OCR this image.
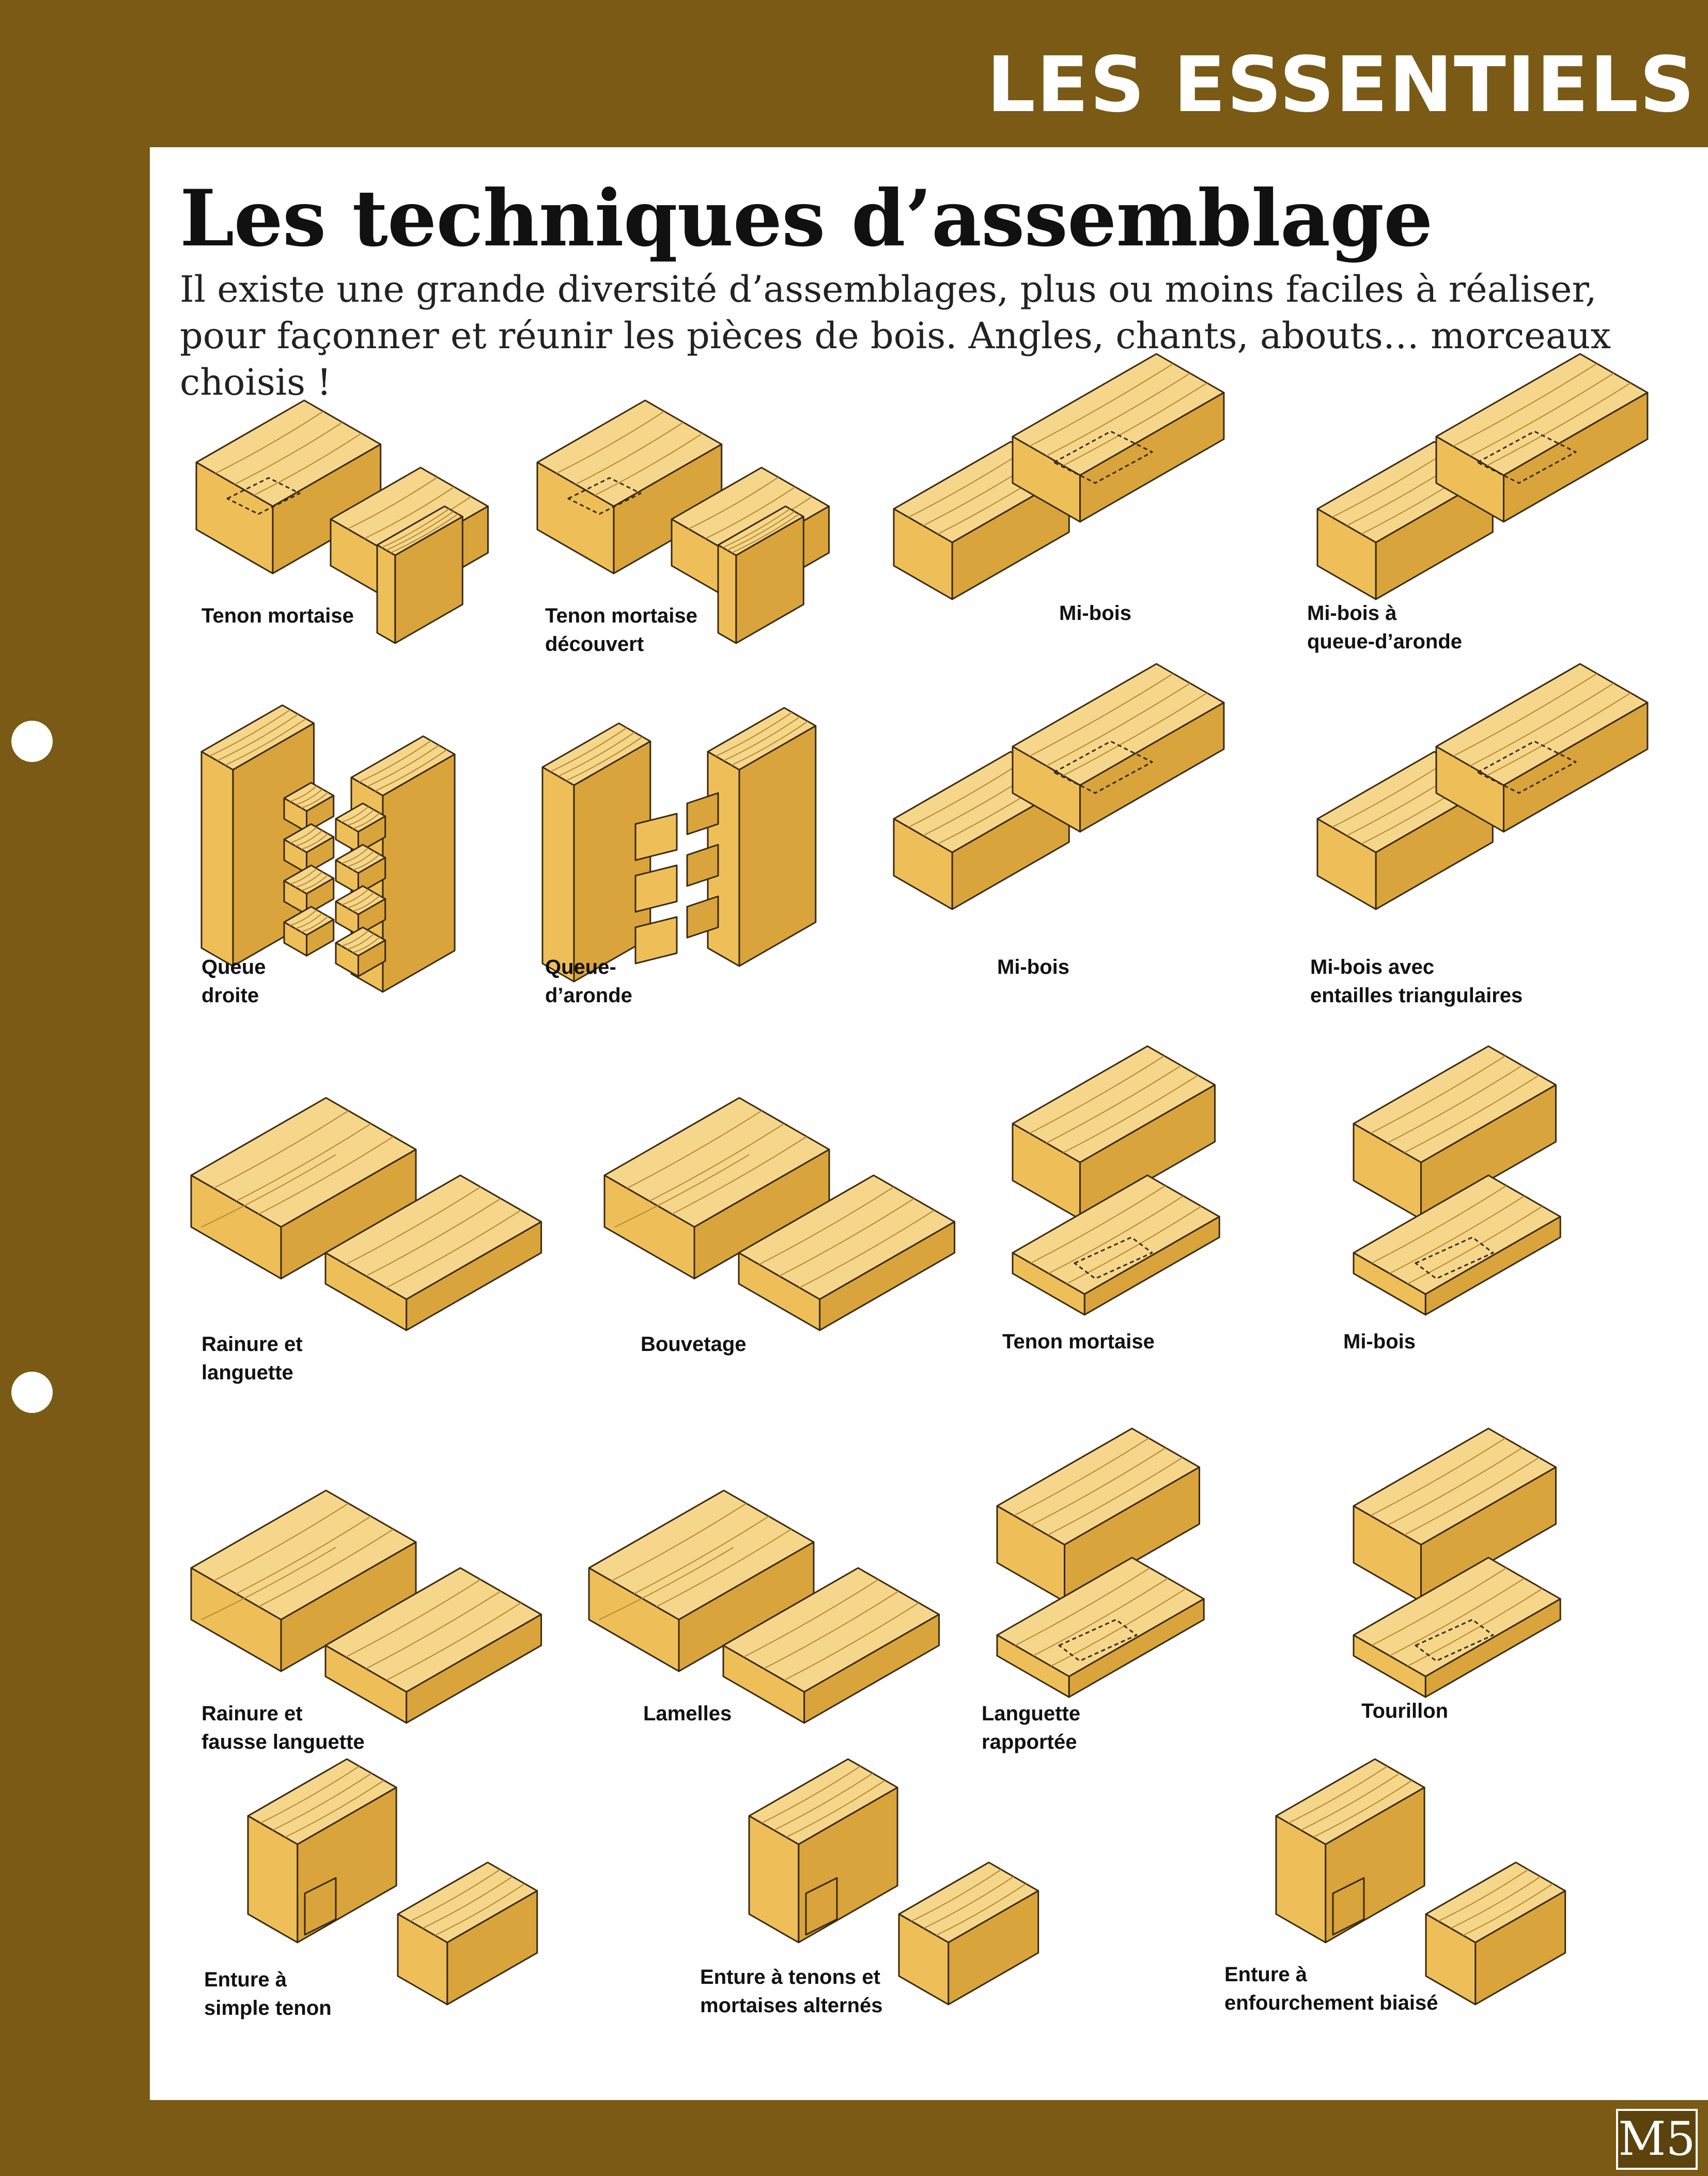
LES ESSENTIELS
Les techniques d’assemblage

Il existe une grande diversité d’assemblages, plus ou moins faciles à réaliser, pour façonner et réunir les pièces de bois. Angles, chants, abouts… morceaux choisis !

Tenon mortaise	Tenon mortaise
découvert
Mi-bois	Mi-bois à
queue-d’aronde
Queue
droite
Queue-
d’aronde
Mi-bois	Mi-bois avec
entailles triangulaires
Rainure et
languette
Bouvetage	Tenon mortaise	Mi-bois
Rainure et
fausse languette
Lamelles	Languette
rapportée
Tourillon
Enture à
simple tenon
Enture à tenons et
mortaises alternés
Enture à
enfourchement biaisé
M5
